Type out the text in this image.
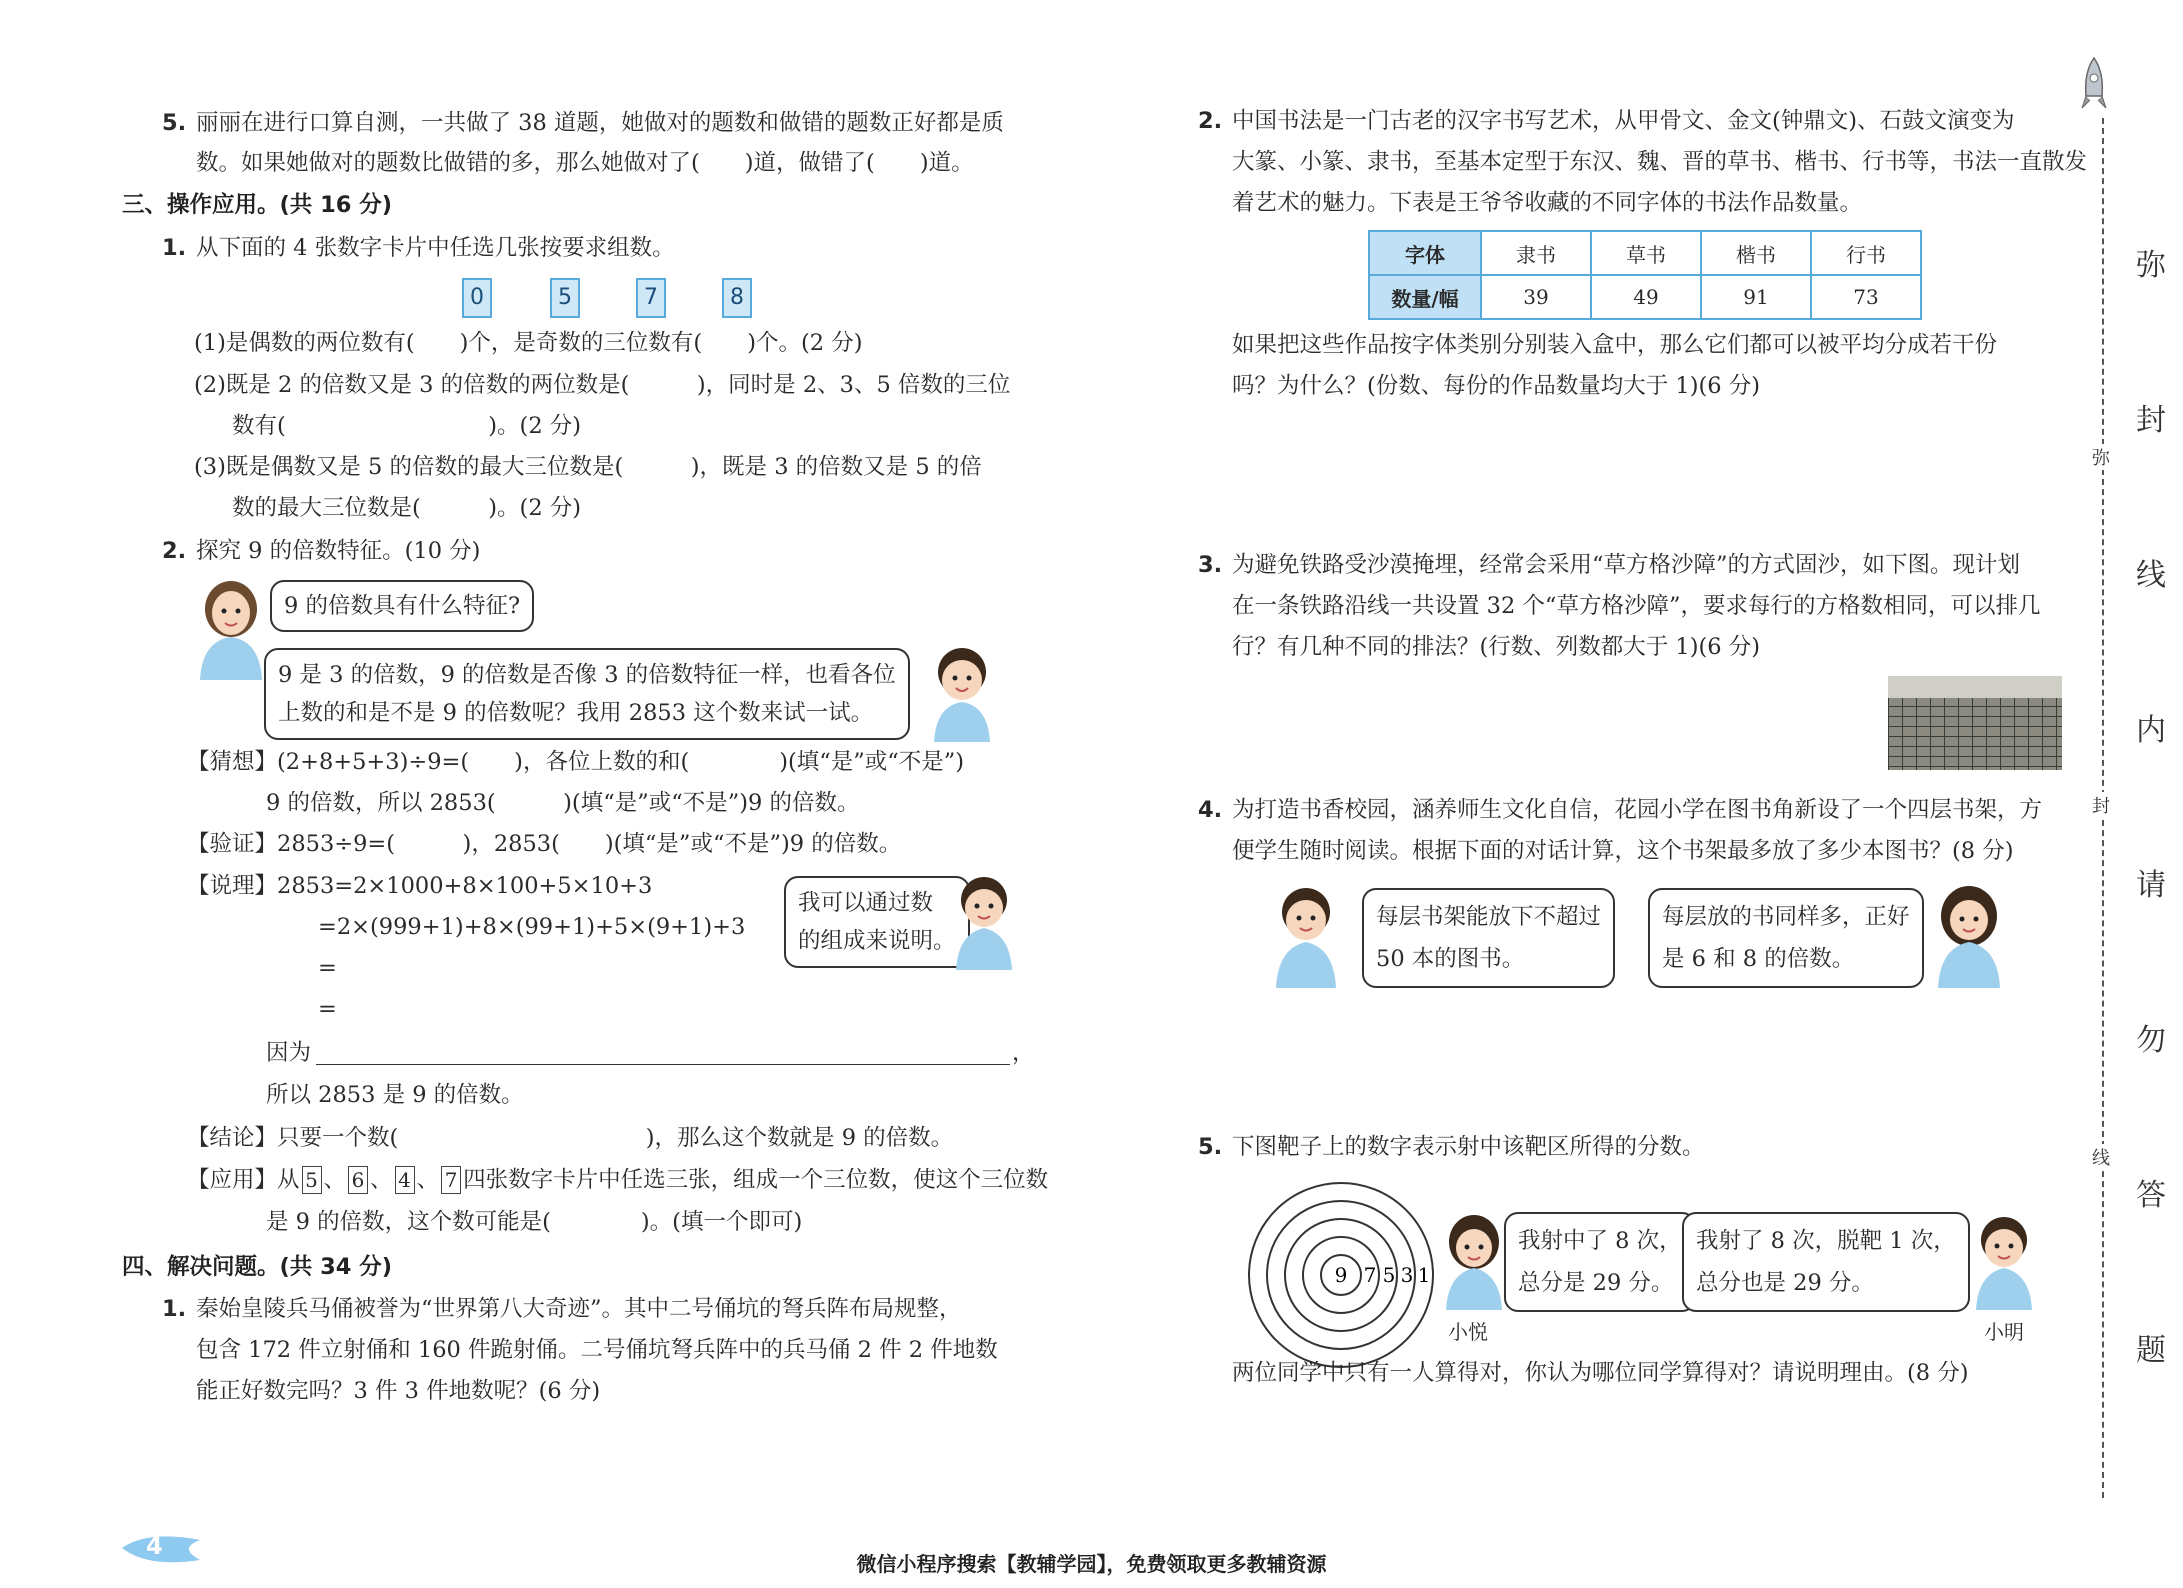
5. 丽丽在进行口算自测，一共做了 38 道题，她做对的题数和做错的题数正好都是质
数。如果她做对的题数比做错的多，那么她做对了(　　)道，做错了(　　)道。
三、操作应用。(共 16 分)
1. 从下面的 4 张数字卡片中任选几张按要求组数。
0	5	7	8
(1)是偶数的两位数有(　　)个，是奇数的三位数有(　　)个。(2 分)
(2)既是 2 的倍数又是 3 的倍数的两位数是(　　　)，同时是 2、3、5 倍数的三位
数有(　　　　　　　　　)。(2 分)
(3)既是偶数又是 5 的倍数的最大三位数是(　　　)，既是 3 的倍数又是 5 的倍
数的最大三位数是(　　　)。(2 分)
2. 探究 9 的倍数特征。(10 分)
9 的倍数具有什么特征?
9 是 3 的倍数，9 的倍数是否像 3 的倍数特征一样，也看各位
上数的和是不是 9 的倍数呢？我用 2853 这个数来试一试。
【猜想】(2+8+5+3)÷9=(　　)，各位上数的和(　　　　)(填“是”或“不是”)
9 的倍数，所以 2853(　　　)(填“是”或“不是”)9 的倍数。
【验证】2853÷9=(　　　)，2853(　　)(填“是”或“不是”)9 的倍数。
【说理】2853=2×1000+8×100+5×10+3
=2×(999+1)+8×(99+1)+5×(9+1)+3
=
=
我可以通过数
的组成来说明。
因为	，
所以 2853 是 9 的倍数。
【结论】只要一个数(　　　　　　　　　　　)，那么这个数就是 9 的倍数。
【应用】从 5 、 6 、 4 、 7 四张数字卡片中任选三张，组成一个三位数，使这个三位数
是 9 的倍数，这个数可能是(　　　　)。(填一个即可)
四、解决问题。(共 34 分)
1. 秦始皇陵兵马俑被誉为“世界第八大奇迹”。其中二号俑坑的弩兵阵布局规整，
包含 172 件立射俑和 160 件跪射俑。二号俑坑弩兵阵中的兵马俑 2 件 2 件地数
能正好数完吗？3 件 3 件地数呢？(6 分)
4
2. 中国书法是一门古老的汉字书写艺术，从甲骨文、金文(钟鼎文)、石鼓文演变为
大篆、小篆、隶书，至基本定型于东汉、魏、晋的草书、楷书、行书等，书法一直散发
着艺术的魅力。下表是王爷爷收藏的不同字体的书法作品数量。
字体	隶书	草书	楷书	行书
数量/幅	39	49	91	73
如果把这些作品按字体类别分别装入盒中，那么它们都可以被平均分成若干份
吗？为什么？(份数、每份的作品数量均大于 1)(6 分)
3. 为避免铁路受沙漠掩埋，经常会采用“草方格沙障”的方式固沙，如下图。现计划
在一条铁路沿线一共设置 32 个“草方格沙障”，要求每行的方格数相同，可以排几
行？有几种不同的排法？(行数、列数都大于 1)(6 分)
4. 为打造书香校园，涵养师生文化自信，花园小学在图书角新设了一个四层书架，方
便学生随时阅读。根据下面的对话计算，这个书架最多放了多少本图书？(8 分)
每层书架能放下不超过
50 本的图书。
每层放的书同样多，正好
是 6 和 8 的倍数。
5. 下图靶子上的数字表示射中该靶区所得的分数。
9 7 5 3 1
小悦
我射中了 8 次，
总分是 29 分。
我射了 8 次，脱靶 1 次，
总分也是 29 分。
小明
两位同学中只有一人算得对，你认为哪位同学算得对？请说明理由。(8 分)
弥
封
线
内
请
勿
答
题
弥
封
线
微信小程序搜索【教辅学园】，免费领取更多教辅资源
